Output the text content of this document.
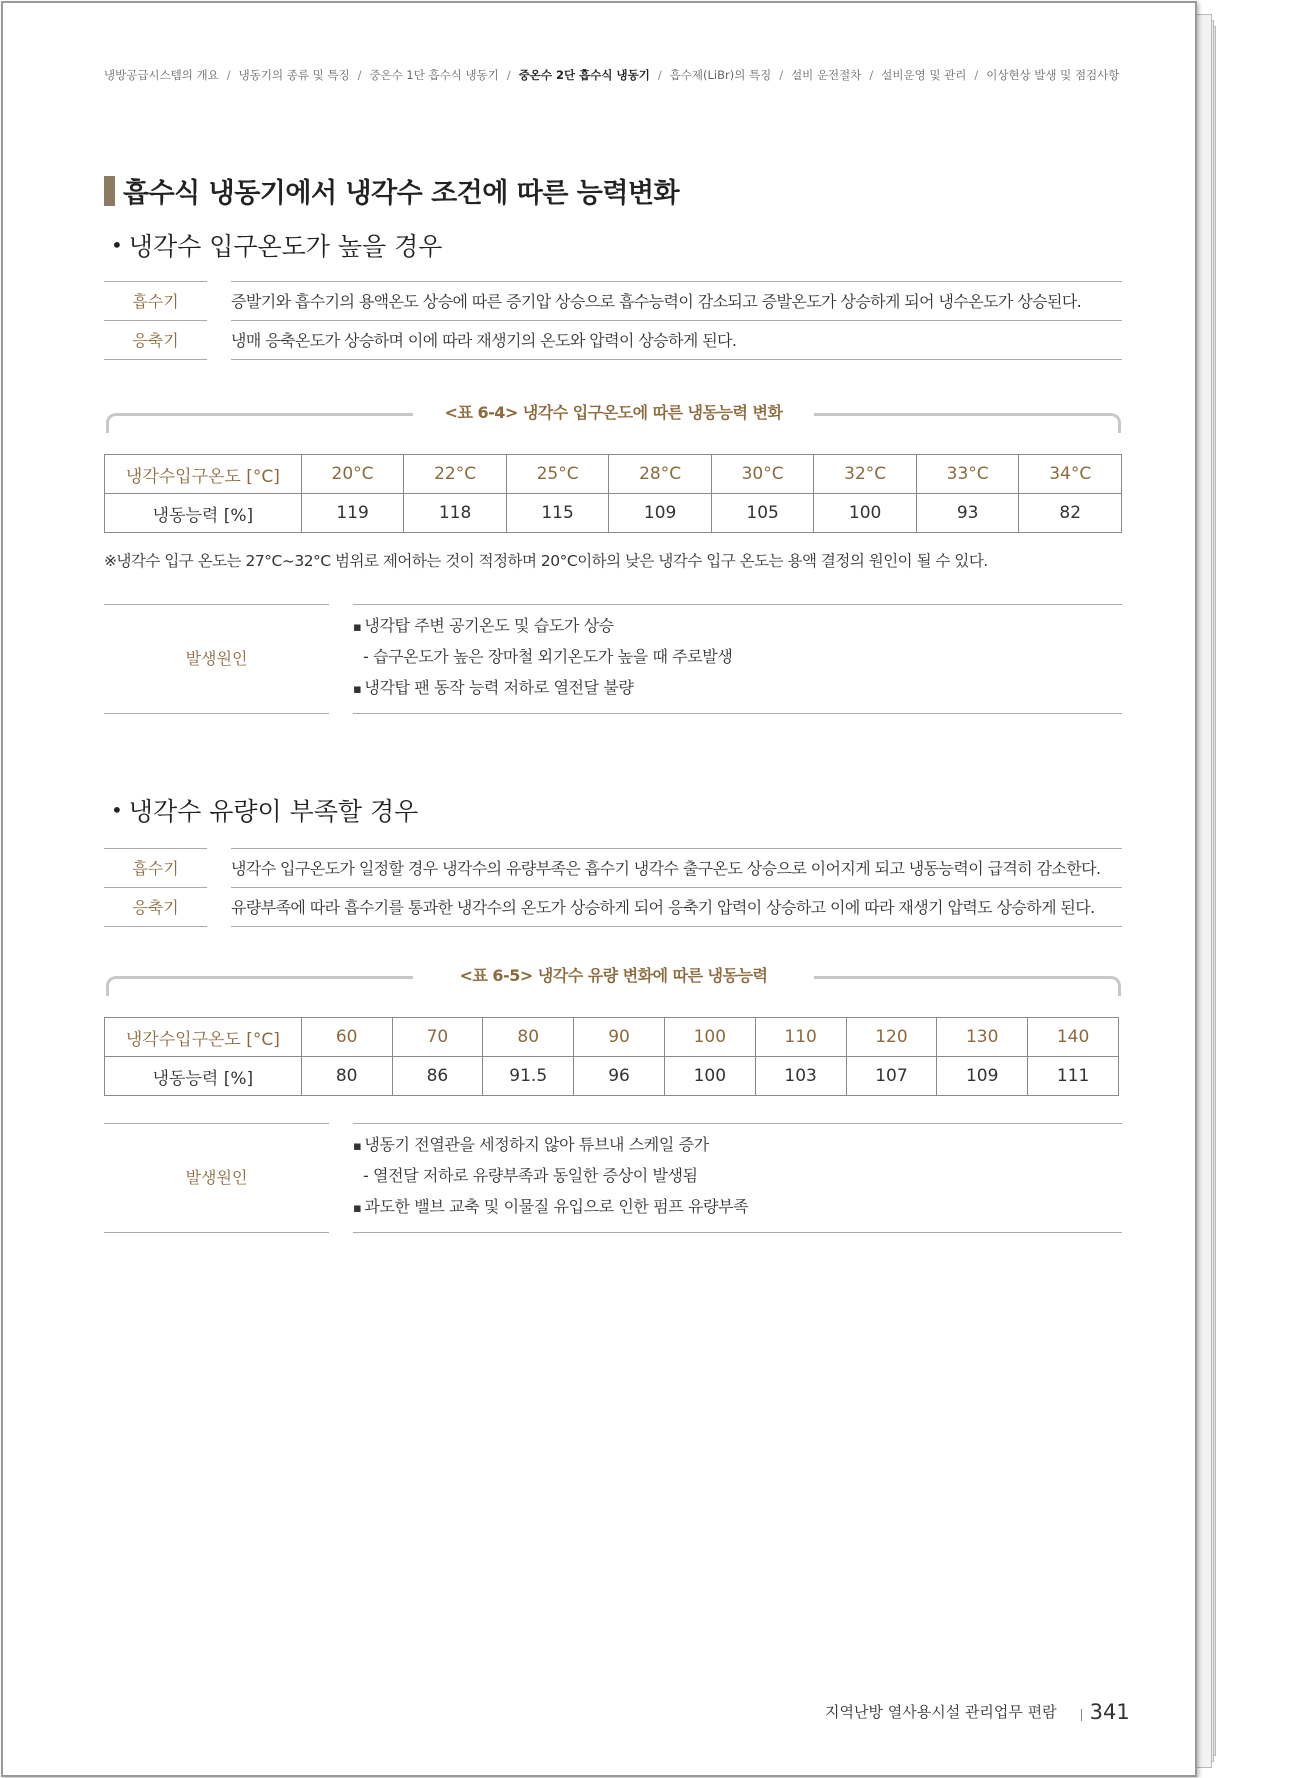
냉방공급시스템의 개요 / 냉동기의 종류 및 특징 / 중온수 1단 흡수식 냉동기 / 중온수 2단 흡수식 냉동기 / 흡수제(LiBr)의 특징 / 설비 운전절차 / 설비운영 및 관리 / 이상현상 발생 및 점검사항
흡수식 냉동기에서 냉각수 조건에 따른 능력변화
• 냉각수 입구온도가 높을 경우
흡수기	증발기와 흡수기의 용액온도 상승에 따른 증기압 상승으로 흡수능력이 감소되고 증발온도가 상승하게 되어 냉수온도가 상승된다.
응축기	냉매 응축온도가 상승하며 이에 따라 재생기의 온도와 압력이 상승하게 된다.
<표 6-4> 냉각수 입구온도에 따른 냉동능력 변화
냉각수입구온도 [°C]	20°C	22°C	25°C	28°C	30°C	32°C	33°C	34°C
냉동능력 [%]	119	118	115	109	105	100	93	82
※냉각수 입구 온도는 27°C~32°C 범위로 제어하는 것이 적정하며 20°C이하의 낮은 냉각수 입구 온도는 용액 결정의 원인이 될 수 있다.
발생원인
▪ 냉각탑 주변 공기온도 및 습도가 상승
- 습구온도가 높은 장마철 외기온도가 높을 때 주로발생
▪ 냉각탑 팬 동작 능력 저하로 열전달 불량
• 냉각수 유량이 부족할 경우
흡수기	냉각수 입구온도가 일정할 경우 냉각수의 유량부족은 흡수기 냉각수 출구온도 상승으로 이어지게 되고 냉동능력이 급격히 감소한다.
응축기	유량부족에 따라 흡수기를 통과한 냉각수의 온도가 상승하게 되어 응축기 압력이 상승하고 이에 따라 재생기 압력도 상승하게 된다.
<표 6-5> 냉각수 유량 변화에 따른 냉동능력
냉각수입구온도 [°C]	60	70	80	90	100	110	120	130	140
냉동능력 [%]	80	86	91.5	96	100	103	107	109	111
발생원인
▪ 냉동기 전열관을 세정하지 않아 튜브내 스케일 증가
- 열전달 저하로 유량부족과 동일한 증상이 발생됨
▪ 과도한 밸브 교축 및 이물질 유입으로 인한 펌프 유량부족
지역난방 열사용시설 관리업무 편람 341
